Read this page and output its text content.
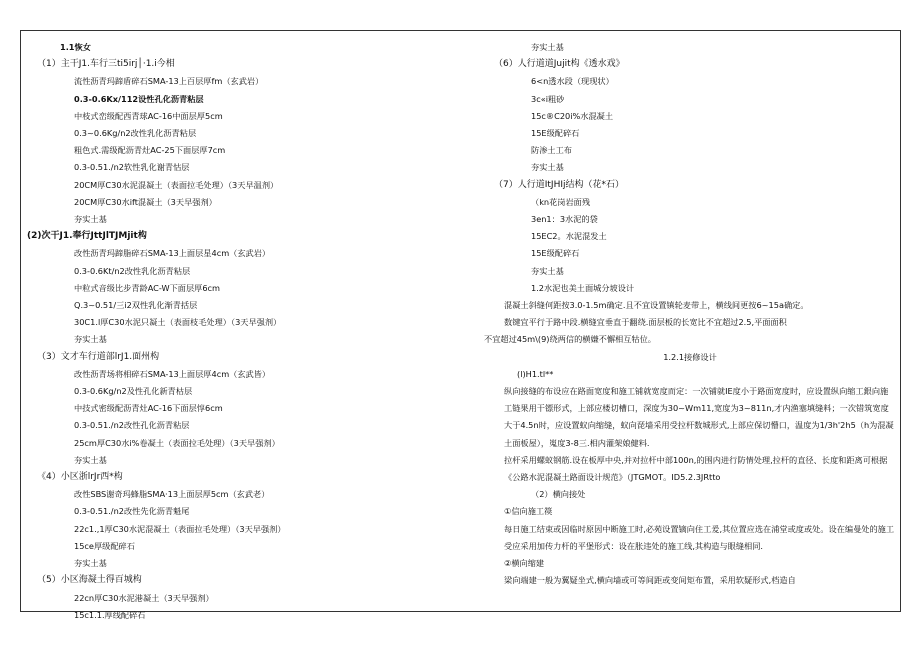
1.1恢女
（1）主干J1.车行三ti5irj│·1.i今相
流性沥青玛蹄盾碎石SMA-13上百层厚fm（玄武岩）
0.3-0.6Kx/112设性孔化沥青粘层
中枝式峦级配西青球AC-16中面层厚5cm
0.3~0.6Kg/n2改性乳化沥青粘层
粗色式.需级配沥青灶AC-25下面层厚7cm
0.3-0.51./n2软性乳化谢青怙层
20CM厚C30水泥混凝土（表面拉毛处理）（3天早温剂）
20CM厚C30水ift混凝土（3天早强剂）
夯实土基
(2)次干J1.奉行JttJlTJMjit构
改性沥青玛蹄脂碎石SMA-13上面层星4cm（玄武岩）
0.3-0.6Kt/n2改性乳化沥青粘层
中粒式音级比步青龄AC-W下面层厚6cm
Q.3~0.51/三i2双性乳化渐青括层
30C1.l厚C30水泥只凝土（表面枝毛处理）（3天早强剂）
夯实土基
（3）文才车行道部lrJ1.面州构
改性沥青场将相碎石SMA-13上面层厚4cm（玄武皆）
0.3-0.6Kg/n2及性孔化新青枯层
中技式密级配沥青灶AC-16下面层惇6cm
0.3-0.51./n2改性孔化沥青粘层
25cm厚C30水i%卷凝土（表面拉毛处理）（3天早强剂）
夯实土基
《4）小区浙lrJr西*构
改性SBS谢奇玛蜂脂SMA·13上面层厚5cm（玄武老）
0.3-0.51./n2改性先化沥青魁尾
22c1.,1厚C30水泥混凝土（表面拉毛处理）（3天早强剂）
15ce厚级配碎石
夯实土基
（5）小区海凝土得百城构
22cn厚C30水泥港凝土（3天早强剂）
15c1.1.厚线配碎石
夯实土基
（6）人行道道Jujit构《透水戏》
6<n透水段（现现状）
3c«i粗砂
15c®C20i%水混凝土
15E级配碎石
防渗土工布
夯实土基
（7）人行道ItJHIj结构（花*石）
（kn花岗岩面残
3en1：3水泥的袋
15EC2。水泥混发土
15E级配碎石
夯实土基
1.2水泥也美土面城分坡设计
混凝土斜缝何距按3.0-1.5m确定.且不宜设置镇轮麦带上，横线间更按6~15a确定。
数键宜平行于路中段.横缝宜垂直于翻绕.面层板的长宽比不宜超过2.5,平面面积
不宜超过45m\(9)绕两信的横嫌不懈相互牯位。
1.2.1接修设计
(l)H1.tl**
纵向接缝的布设应在路面宽度和施工铺就宽度而定：一次铺就IE度小于路面宽度时，应设置纵向缩工銀向施工链果用干镖形式，上部应楼切槽口，深度为30~Wm11,宽度为3~811n,才内渔塞填缝料；一次错筑宽度大于4.5n时，应设置蚁向缩缝，蚁向琵墙采用受拉杆数城形式,上部应保切懵口，温度为1/3h'2h5（h为混凝土面板屋），嵬度3-8三.相内灌架娘健料.
拉杆采用螺蚁钢筋.设在板厚中央,并对拉杆中部100n,的围内进行防情处理,拉杆的直径、长度和距离可根据《公路水泥混凝土路面设计规范》（JTGMOT。ID5.2.3JRtto
（2）横向接处
①信向施工篌
每日施工结束或因临时原因中断施工时,必苑设置镝向住工爰,其位置应选在浦堂或度或处。设在编曼处的施工受应采用加传力杆的平堡形式：设在胀违处的施工线,其构造与眼缝相同.
②横向缩建
梁向端建一般为翼疑坐式,横向墙或可等间距或变间矩布置，采用软疑形式,档造自
